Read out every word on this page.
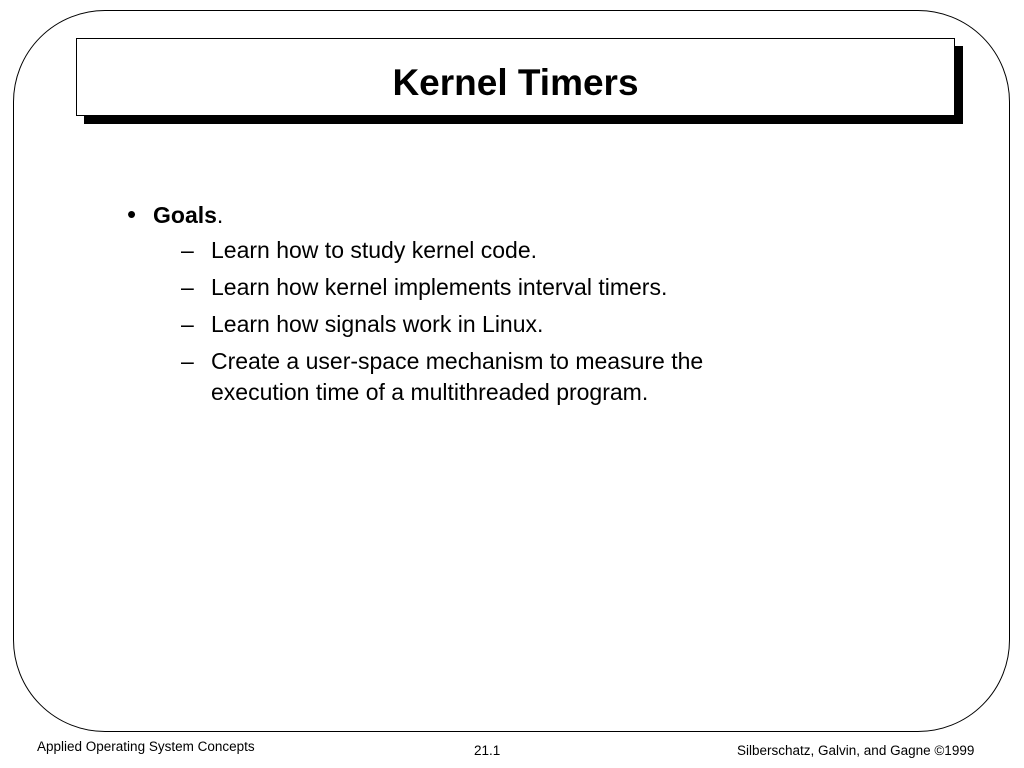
Kernel Timers
• Goals.
– Learn how to study kernel code.
– Learn how kernel implements interval timers.
– Learn how signals work in Linux.
– Create a user-space mechanism to measure the
execution time of a multithreaded program.
Applied Operating System Concepts	21.1	Silberschatz, Galvin, and Gagne ©1999
